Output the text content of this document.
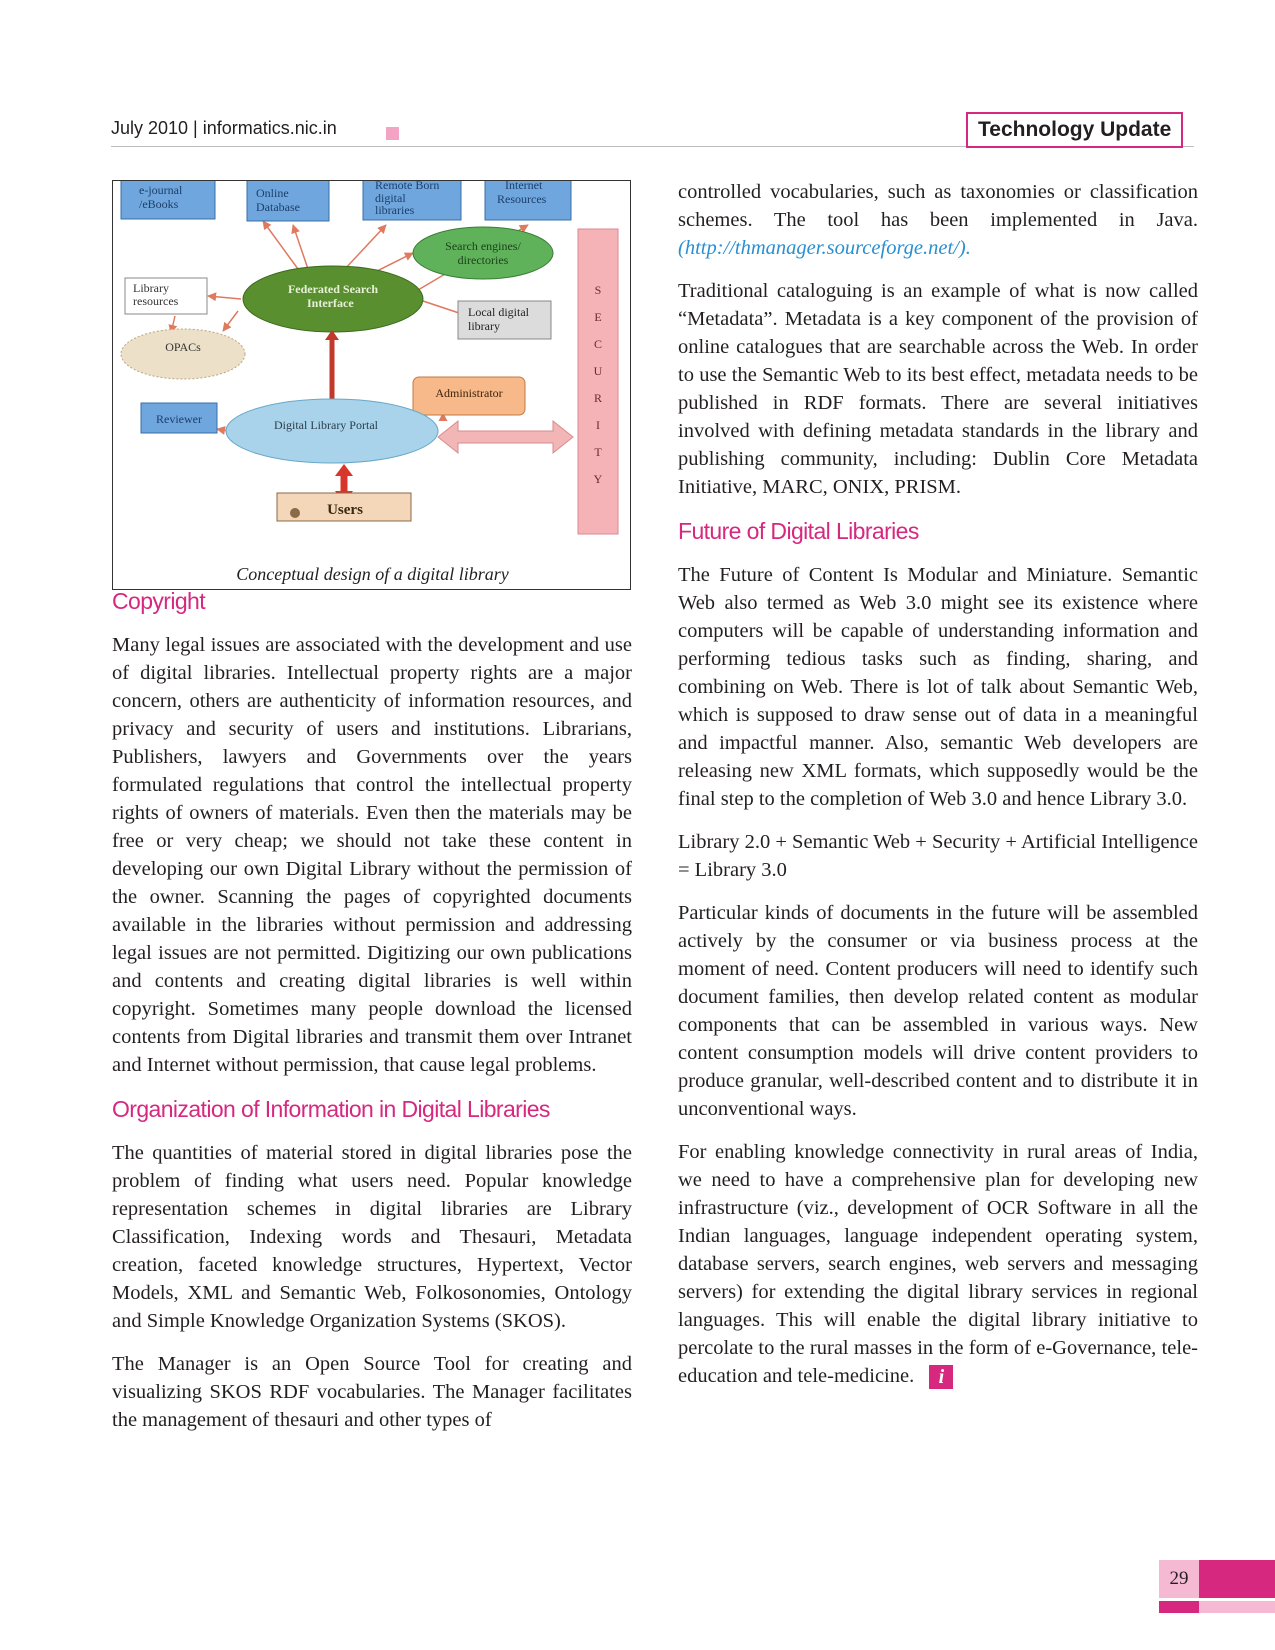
July 2010 | informatics.nic.in	Technology Update
S
E
C
U
R
I
T
Y
e-journal
/eBooks
Online
Database
Remote Born
digital
libraries
Internet
Resources
Search engines/
directories
Library
resources
Federated Search
Interface
Local digital
library
OPACs
Administrator
Reviewer	Digital Library Portal
Users
Conceptual design of a digital library
Copyright

Many legal issues are associated with the development and use of digital libraries. Intellectual property rights are a major concern, others are authenticity of information resources, and privacy and security of users and institutions. Librarians, Publishers, lawyers and Governments over the years formulated regulations that control the intellectual property rights of owners of materials. Even then the materials may be free or very cheap; we should not take these content in developing our own Digital Library without the permission of the owner. Scanning the pages of copyrighted documents available in the libraries without permission and addressing legal issues are not permitted. Digitizing our own publications and contents and creating digital libraries is well within copyright. Sometimes many people download the licensed contents from Digital libraries and transmit them over Intranet and Internet without permission, that cause legal problems.

Organization of Information in Digital Libraries

The quantities of material stored in digital libraries pose the problem of finding what users need. Popular knowledge representation schemes in digital libraries are Library Classification, Indexing words and Thesauri, Metadata creation, faceted knowledge structures, Hypertext, Vector Models, XML and Semantic Web, Folkosonomies, Ontology and Simple Knowledge Organization Systems (SKOS).

The Manager is an Open Source Tool for creating and visualizing SKOS RDF vocabularies. The Manager facilitates the management of thesauri and other types of

controlled vocabularies, such as taxonomies or classification schemes. The tool has been implemented in Java. (http://thmanager.sourceforge.net/).

Traditional cataloguing is an example of what is now called “Metadata”. Metadata is a key component of the provision of online catalogues that are searchable across the Web. In order to use the Semantic Web to its best effect, metadata needs to be published in RDF formats. There are several initiatives involved with defining metadata standards in the library and publishing community, including: Dublin Core Metadata Initiative, MARC, ONIX, PRISM.

Future of Digital Libraries

The Future of Content Is Modular and Miniature. Semantic Web also termed as Web 3.0 might see its existence where computers will be capable of understanding information and performing tedious tasks such as finding, sharing, and combining on Web. There is lot of talk about Semantic Web, which is supposed to draw sense out of data in a meaningful and impactful manner. Also, semantic Web developers are releasing new XML formats, which supposedly would be the final step to the completion of Web 3.0 and hence Library 3.0.

Library 2.0 + Semantic Web + Security + Artificial Intelligence = Library 3.0

Particular kinds of documents in the future will be assembled actively by the consumer or via business process at the moment of need. Content producers will need to identify such document families, then develop related content as modular components that can be assembled in various ways. New content consumption models will drive content providers to produce granular, well-described content and to distribute it in unconventional ways.

For enabling knowledge connectivity in rural areas of India, we need to have a comprehensive plan for developing new infrastructure (viz., development of OCR Software in all the Indian languages, language independent operating system, database servers, search engines, web servers and messaging servers) for extending the digital library services in regional languages. This will enable the digital library initiative to percolate to the rural masses in the form of e-Governance, tele-education and tele-medicine. i

29
